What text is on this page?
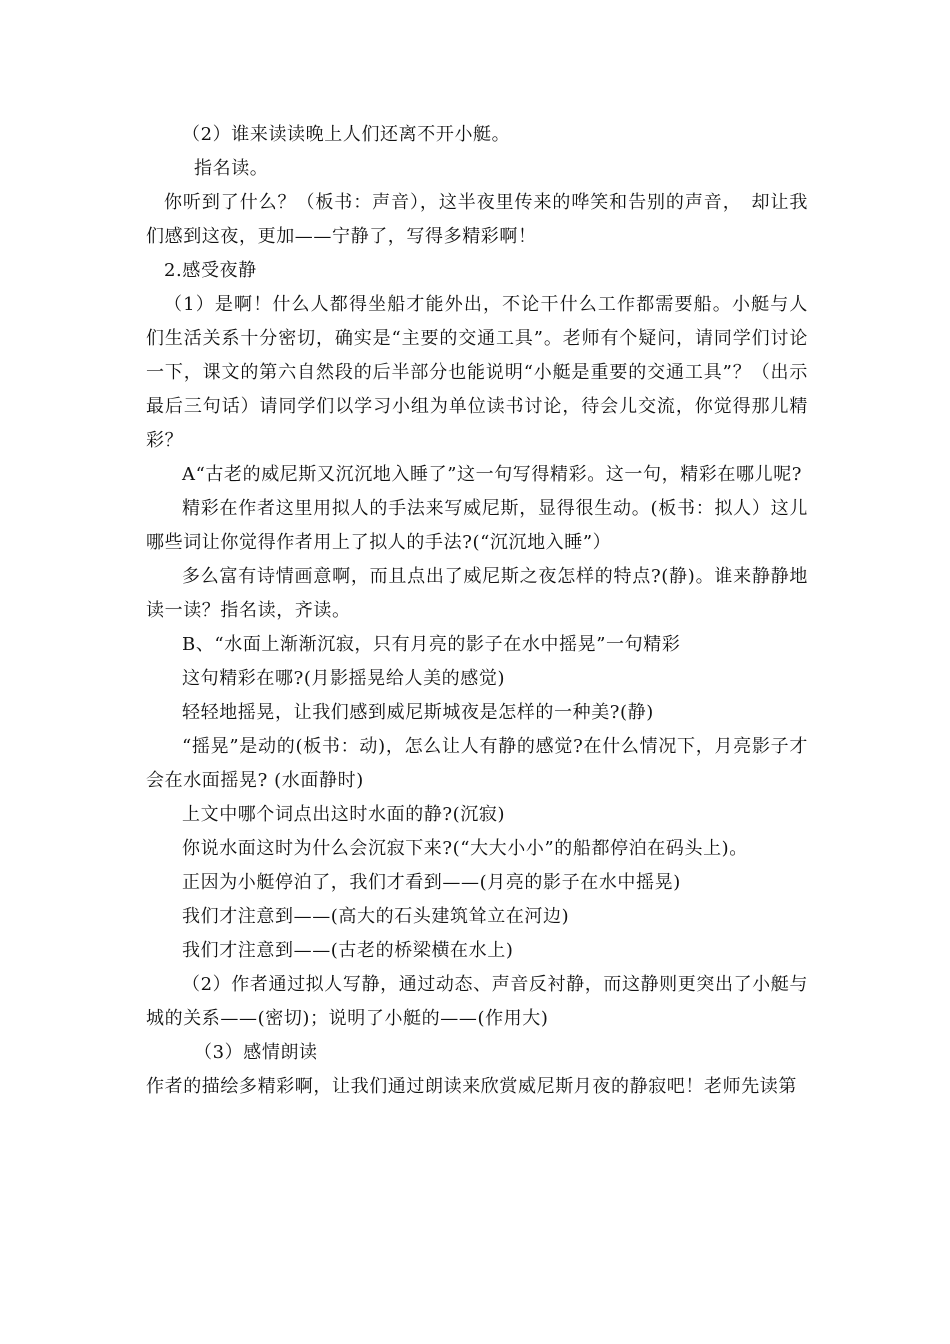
（2）谁来读读晚上人们还离不开小艇。

指名读。

你听到了什么？（板书：声音），这半夜里传来的哗笑和告别的声音，　却让我们感到这夜，更加——宁静了，写得多精彩啊！

2.感受夜静

（1）是啊！什么人都得坐船才能外出，不论干什么工作都需要船。小艇与人们生活关系十分密切，确实是“主要的交通工具”。老师有个疑问，请同学们讨论一下，课文的第六自然段的后半部分也能说明“小艇是重要的交通工具”？（出示最后三句话）请同学们以学习小组为单位读书讨论，待会儿交流，你觉得那儿精彩？

A“古老的威尼斯又沉沉地入睡了”这一句写得精彩。这一句，精彩在哪儿呢?

精彩在作者这里用拟人的手法来写威尼斯，显得很生动。(板书：拟人）这儿哪些词让你觉得作者用上了拟人的手法?(“沉沉地入睡”）

多么富有诗情画意啊，而且点出了威尼斯之夜怎样的特点?(静)。谁来静静地读一读？指名读，齐读。

B、“水面上渐渐沉寂，只有月亮的影子在水中摇晃”一句精彩

这句精彩在哪?(月影摇晃给人美的感觉)

轻轻地摇晃，让我们感到威尼斯城夜是怎样的一种美?(静)

“摇晃”是动的(板书：动)，怎么让人有静的感觉?在什么情况下，月亮影子才会在水面摇晃? (水面静时)

上文中哪个词点出这时水面的静?(沉寂)

你说水面这时为什么会沉寂下来?(“大大小小”的船都停泊在码头上)。

正因为小艇停泊了，我们才看到——(月亮的影子在水中摇晃)

我们才注意到——(高大的石头建筑耸立在河边)

我们才注意到——(古老的桥梁横在水上)

（2）作者通过拟人写静，通过动态、声音反衬静，而这静则更突出了小艇与城的关系——(密切)；说明了小艇的——(作用大)

（3）感情朗读

作者的描绘多精彩啊，让我们通过朗读来欣赏威尼斯月夜的静寂吧！老师先读第
